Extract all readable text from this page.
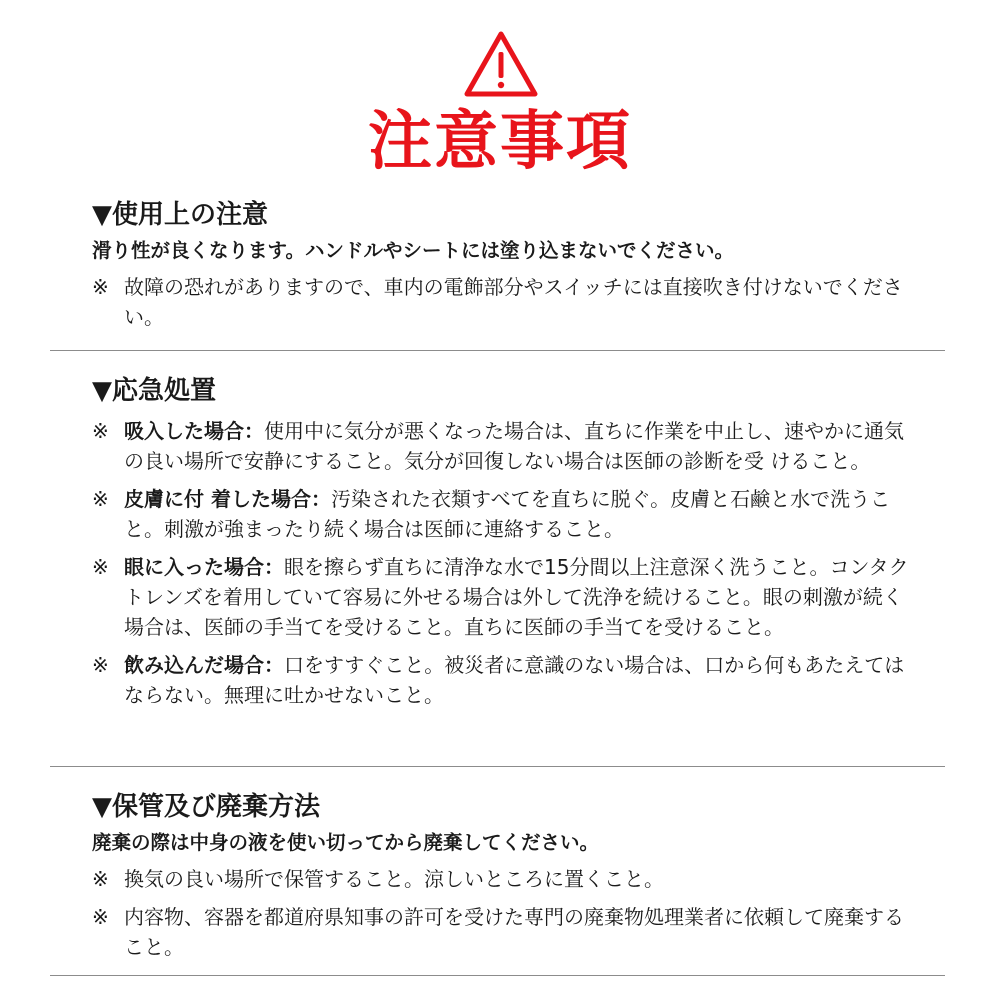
注意事項

▼使用上の注意

滑り性が良くなります。ハンドルやシートには塗り込まないでください。

※ 故障の恐れがありますので、車内の電飾部分やスイッチには直接吹き付けないでください。

▼応急処置

※ 吸入した場合：使用中に気分が悪くなった場合は、直ちに作業を中止し、速やかに通気の良い場所で安静にすること。気分が回復しない場合は医師の診断を受 けること。

※ 皮膚に付 着した場合：汚染された衣類すべてを直ちに脱ぐ。皮膚と石鹸と水で洗うこと。刺激が強まったり続く場合は医師に連絡すること。

※ 眼に入った場合：眼を擦らず直ちに清浄な水で15分間以上注意深く洗うこと。コンタクトレンズを着用していて容易に外せる場合は外して洗浄を続けること。眼の刺激が続く場合は、医師の手当てを受けること。直ちに医師の手当てを受けること。

※ 飲み込んだ場合：口をすすぐこと。被災者に意識のない場合は、口から何もあたえてはならない。無理に吐かせないこと。

▼保管及び廃棄方法

廃棄の際は中身の液を使い切ってから廃棄してください。

※ 換気の良い場所で保管すること。涼しいところに置くこと。

※ 内容物、容器を都道府県知事の許可を受けた専門の廃棄物処理業者に依頼して廃棄すること。
